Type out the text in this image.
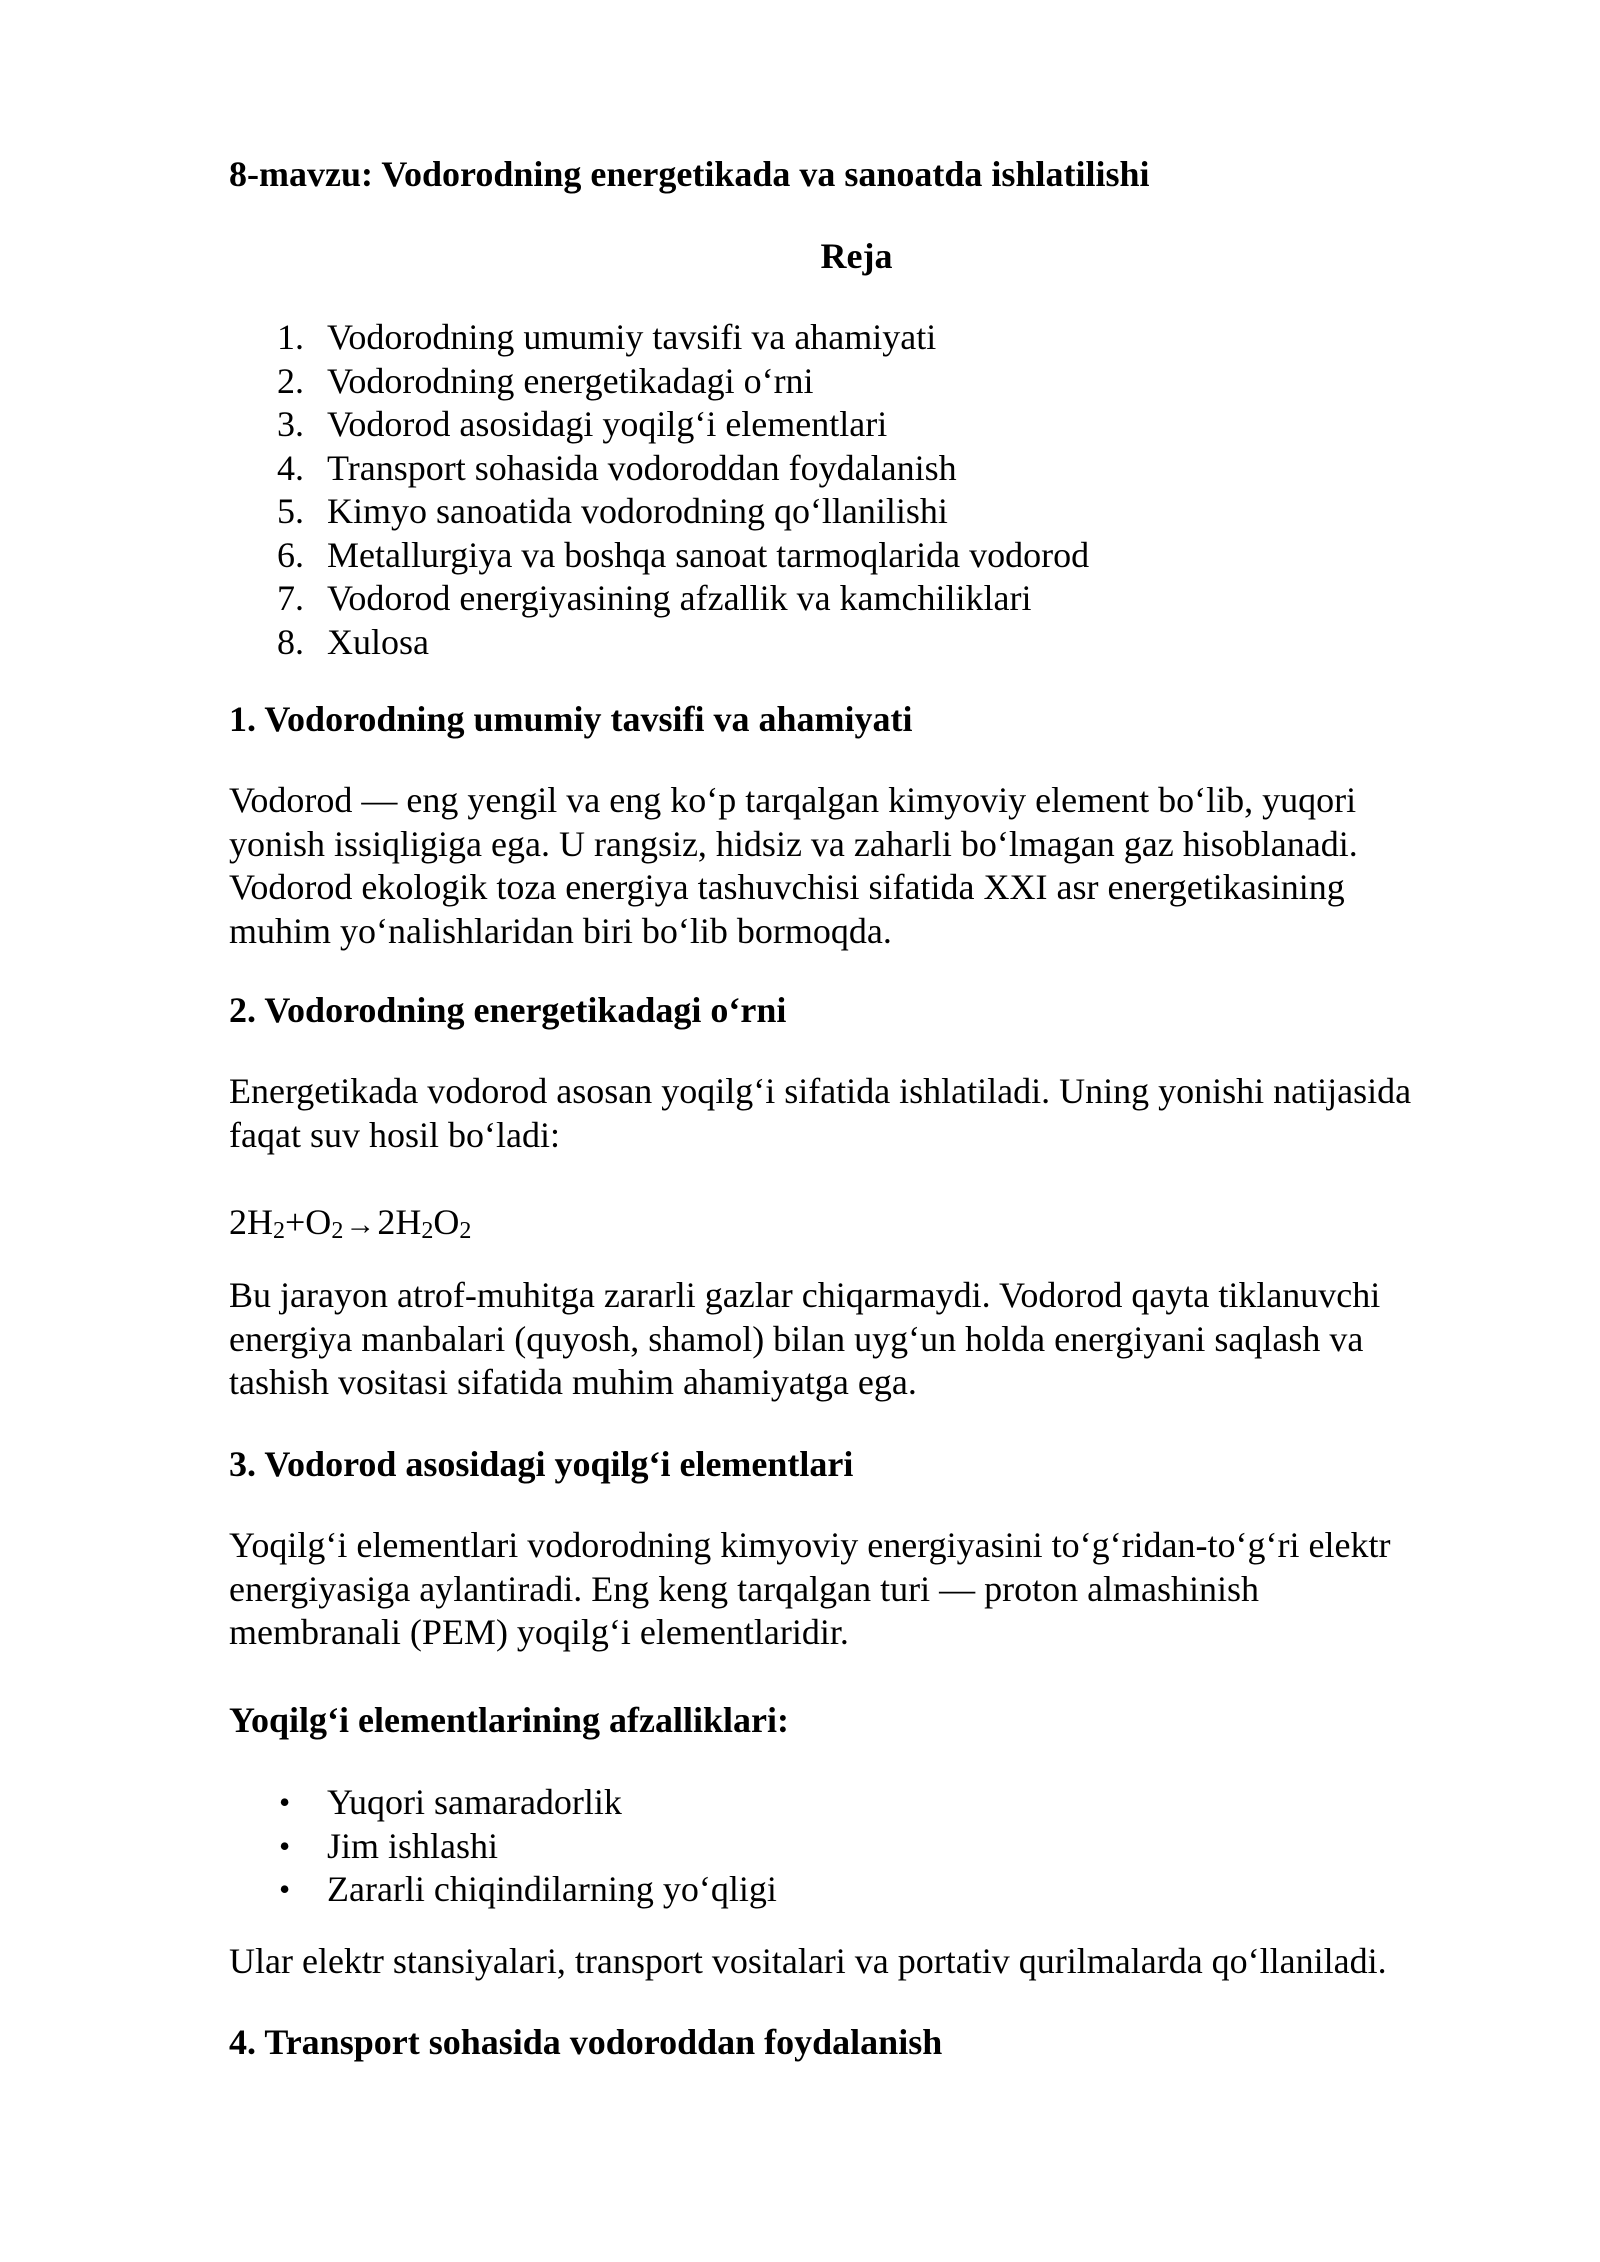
8-mavzu: Vodorodning energetikada va sanoatda ishlatilishi
Reja
1. Vodorodning umumiy tavsifi va ahamiyati
2. Vodorodning energetikadagi o‘rni
3. Vodorod asosidagi yoqilg‘i elementlari
4. Transport sohasida vodoroddan foydalanish
5. Kimyo sanoatida vodorodning qo‘llanilishi
6. Metallurgiya va boshqa sanoat tarmoqlarida vodorod
7. Vodorod energiyasining afzallik va kamchiliklari
8. Xulosa
1. Vodorodning umumiy tavsifi va ahamiyati

Vodorod — eng yengil va eng ko‘p tarqalgan kimyoviy element bo‘lib, yuqori
yonish issiqligiga ega. U rangsiz, hidsiz va zaharli bo‘lmagan gaz hisoblanadi.
Vodorod ekologik toza energiya tashuvchisi sifatida XXI asr energetikasining
muhim yo‘nalishlaridan biri bo‘lib bormoqda.

2. Vodorodning energetikadagi o‘rni

Energetikada vodorod asosan yoqilg‘i sifatida ishlatiladi. Uning yonishi natijasida
faqat suv hosil bo‘ladi:

$2H_2+O_2\to 2H_2O_2$

Bu jarayon atrof-muhitga zararli gazlar chiqarmaydi. Vodorod qayta tiklanuvchi
energiya manbalari (quyosh, shamol) bilan uyg‘un holda energiyani saqlash va
tashish vositasi sifatida muhim ahamiyatga ega.

3. Vodorod asosidagi yoqilg‘i elementlari

Yoqilg‘i elementlari vodorodning kimyoviy energiyasini to‘g‘ridan-to‘g‘ri elektr
energiyasiga aylantiradi. Eng keng tarqalgan turi — proton almashinish
membranali (PEM) yoqilg‘i elementlaridir.

Yoqilg‘i elementlarining afzalliklari:
• Yuqori samaradorlik
• Jim ishlashi
• Zararli chiqindilarning yo‘qligi

Ular elektr stansiyalari, transport vositalari va portativ qurilmalarda qo‘llaniladi.

4. Transport sohasida vodoroddan foydalanish
